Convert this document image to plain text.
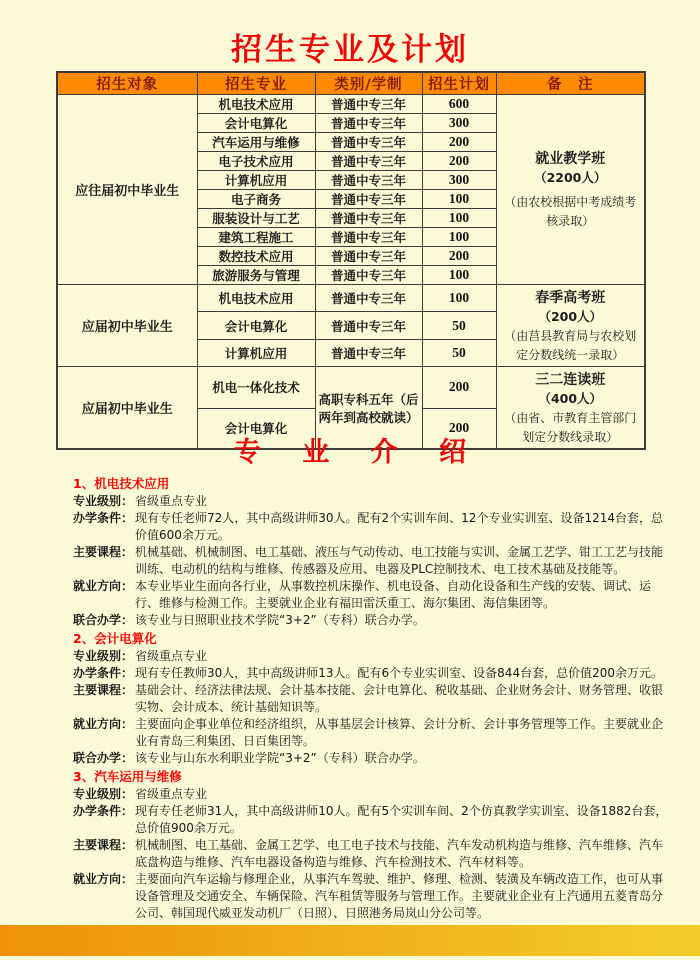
招生专业及计划
招生对象	招生专业	类别/学制	招生计划	备　注
应往届初中毕业生	机电技术应用	普通中专三年	600	就业教学班
（2200人）
（由农校根据中考成绩考核录取）

	会计电算化	普通中专三年	300	
	汽车运用与维修	普通中专三年	200	
	电子技术应用	普通中专三年	200	
	计算机应用	普通中专三年	300	
	电子商务	普通中专三年	100	
	服装设计与工艺	普通中专三年	100	
	建筑工程施工	普通中专三年	100	
	数控技术应用	普通中专三年	200	
	旅游服务与管理	普通中专三年	100	
应届初中毕业生	机电技术应用	普通中专三年	100	春季高考班
（200人）
（由莒县教育局与农校划定分数线统一录取）

	会计电算化	普通中专三年	50	
	计算机应用	普通中专三年	50	
应届初中毕业生	机电一体化技术	高职专科五年（后两年到高校就读）	200	三二连读班
（400人）
（由省、市教育主管部门划定分数线录取）

	会计电算化		200	
专 业 介 绍
1、机电技术应用
专业级别： 省级重点专业
办学条件： 现有专任老师72人，其中高级讲师30人。配有2个实训车间、12个专业实训室、设备1214台套，总价值600余万元。
主要课程： 机械基础、机械制图、电工基础、液压与气动传动、电工技能与实训、金属工艺学、钳工工艺与技能训练、电动机的结构与维修、传感器及应用、电器及PLC控制技术、电工技术基础及技能等。
就业方向： 本专业毕业生面向各行业，从事数控机床操作、机电设备、自动化设备和生产线的安装、调试、运行、维修与检测工作。主要就业企业有福田雷沃重工、海尔集团、海信集团等。
联合办学： 该专业与日照职业技术学院“3+2”（专科）联合办学。
2、会计电算化
专业级别： 省级重点专业
办学条件： 现有专任教师30人，其中高级讲师13人。配有6个专业实训室、设备844台套，总价值200余万元。
主要课程： 基础会计、经济法律法规、会计基本技能、会计电算化、税收基础、企业财务会计、财务管理、收银实物、会计成本、统计基础知识等。
就业方向： 主要面向企事业单位和经济组织，从事基层会计核算、会计分析、会计事务管理等工作。主要就业企业有青岛三利集团、日百集团等。
联合办学： 该专业与山东水利职业学院“3+2”（专科）联合办学。
3、汽车运用与维修
专业级别： 省级重点专业
办学条件： 现有专任老师31人，其中高级讲师10人。配有5个实训车间、2个仿真教学实训室、设备1882台套，总价值900余万元。
主要课程： 机械制图、电工基础、金属工艺学、电工电子技术与技能、汽车发动机构造与维修、汽车维修、汽车底盘构造与维修、汽车电器设备构造与维修、汽车检测技术、汽车材料等。
就业方向： 主要面向汽车运输与修理企业，从事汽车驾驶、维护、修理、检测、装潢及车辆改造工作，也可从事设备管理及交通安全、车辆保险、汽车租赁等服务与管理工作。主要就业企业有上汽通用五菱青岛分公司、韩国现代威亚发动机厂（日照）、日照港务局岚山分公司等。
